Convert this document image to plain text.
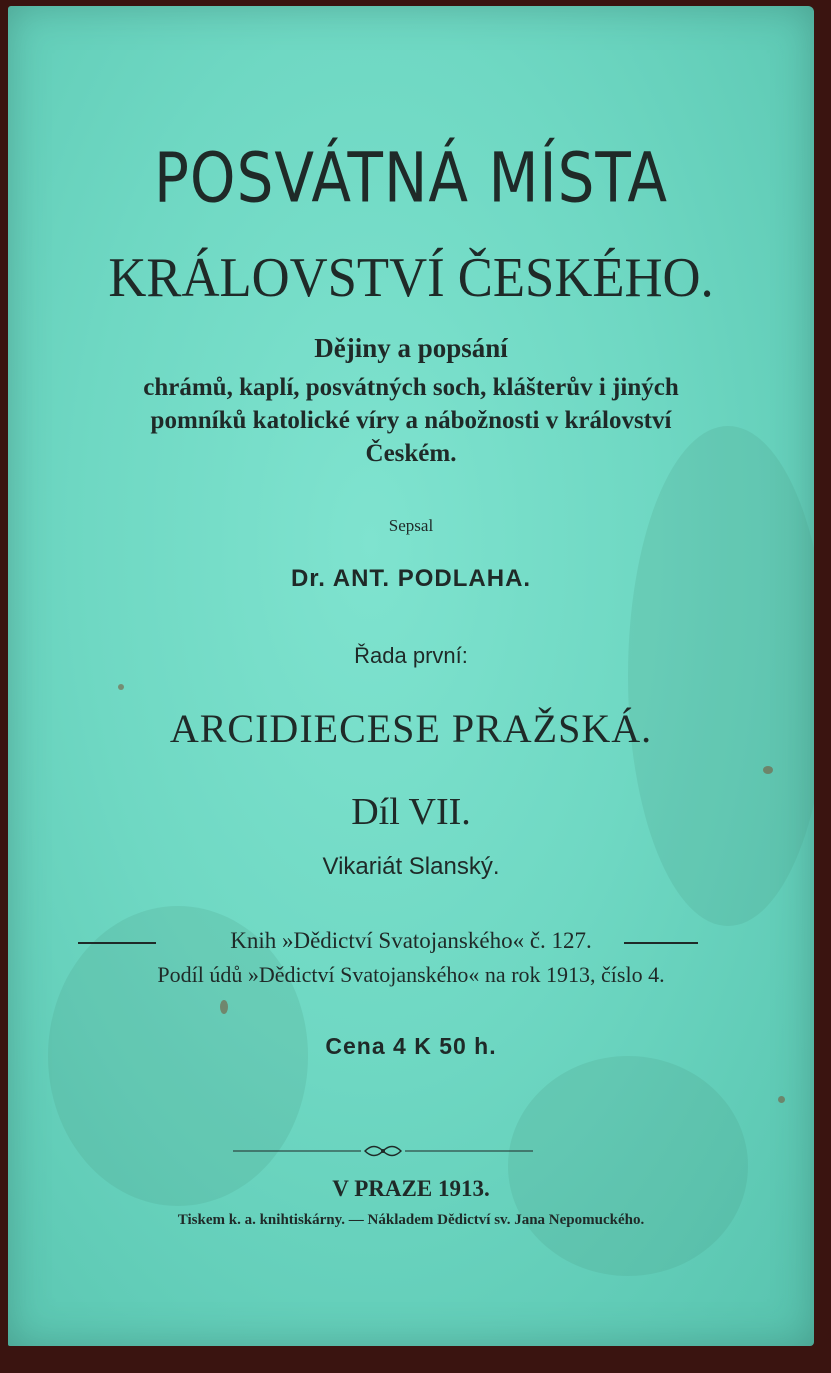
POSVÁTNÁ MÍSTA
KRÁLOVSTVÍ ČESKÉHO.
Dějiny a popsání
chrámů, kaplí, posvátných soch, klášterův i jiných
pomníků katolické víry a nábožnosti v království
Českém.
Sepsal
Dr. ANT. PODLAHA.
Řada první:
ARCIDIECESE PRAŽSKÁ.
Díl VII.
Vikariát Slanský.
Knih »Dědictví Svatojanského« č. 127.
Podíl údů »Dědictví Svatojanského« na rok 1913, číslo 4.
Cena 4 K 50 h.
V PRAZE 1913.
Tiskem k. a. knihtiskárny. — Nákladem Dědictví sv. Jana Nepomuckého.
